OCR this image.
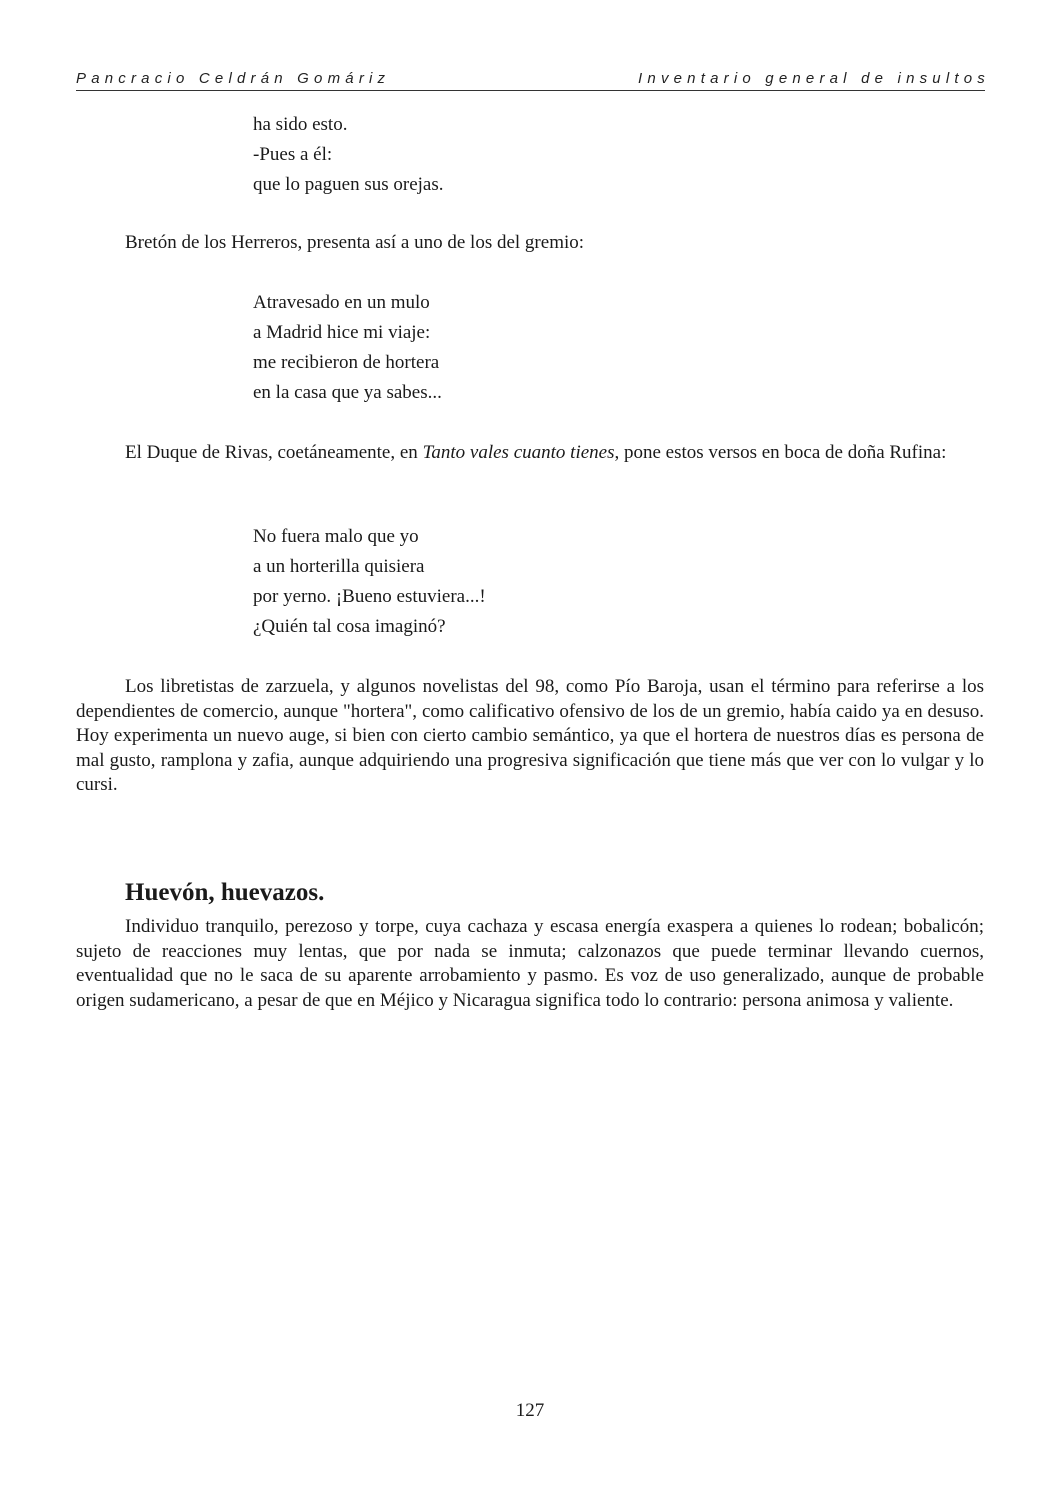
Pancracio Celdrán Gomáriz	Inventario general de insultos
ha sido esto.
-Pues a él:
que lo paguen sus orejas.

Bretón de los Herreros, presenta así a uno de los del gremio:

Atravesado en un mulo
a Madrid hice mi viaje:
me recibieron de hortera
en la casa que ya sabes...

El Duque de Rivas, coetáneamente, en Tanto vales cuanto tienes, pone estos versos en boca de doña Rufina:

No fuera malo que yo
a un horterilla quisiera
por yerno. ¡Bueno estuviera...!
¿Quién tal cosa imaginó?

Los libretistas de zarzuela, y algunos novelistas del 98, como Pío Baroja, usan el término para referirse a los dependientes de comercio, aunque "hortera", como calificativo ofensivo de los de un gremio, había caido ya en desuso. Hoy experimenta un nuevo auge, si bien con cierto cambio semántico, ya que el hortera de nuestros días es persona de mal gusto, ramplona y zafia, aunque adquiriendo una progresiva significación que tiene más que ver con lo vulgar y lo cursi.

Huevón, huevazos.

Individuo tranquilo, perezoso y torpe, cuya cachaza y escasa energía exaspera a quienes lo rodean; bobalicón; sujeto de reacciones muy lentas, que por nada se inmuta; calzonazos que puede terminar llevando cuernos, eventualidad que no le saca de su aparente arrobamiento y pasmo. Es voz de uso generalizado, aunque de probable origen sudamericano, a pesar de que en Méjico y Nicaragua significa todo lo contrario: persona animosa y valiente.

127
